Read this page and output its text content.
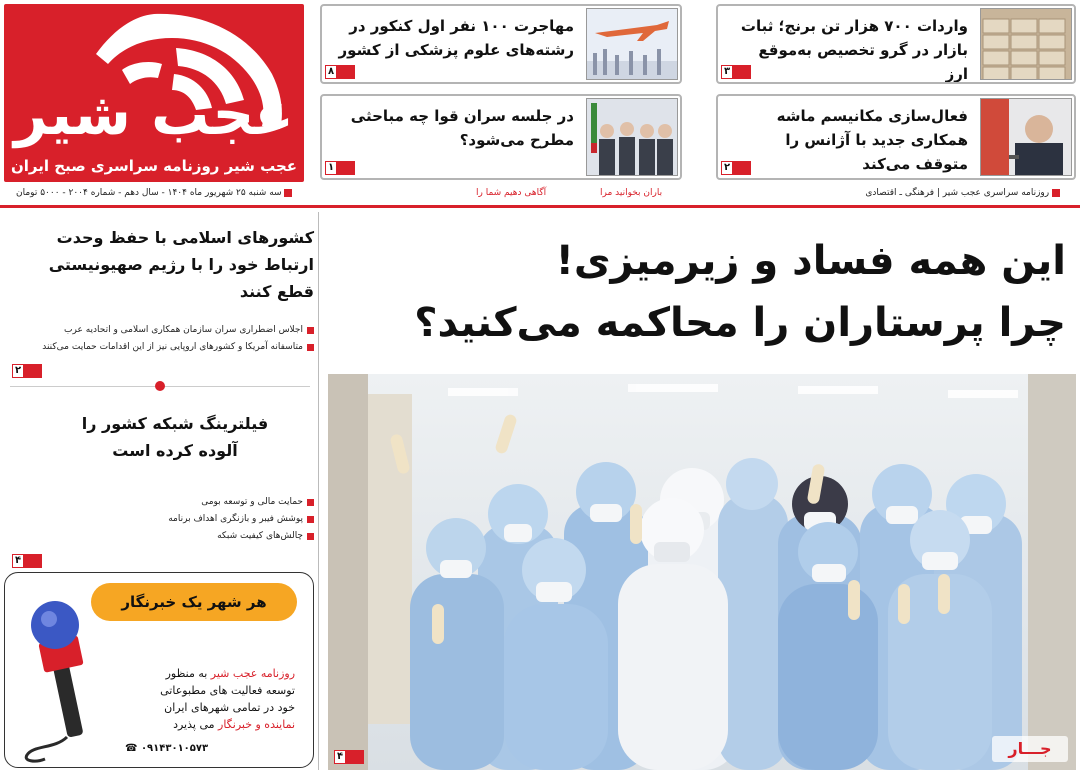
عجب شیر
عجب شیر روزنامه سراسری صبح ایران
مهاجرت ۱۰۰ نفر اول کنکور در رشته‌های علوم پزشکی از کشور
۸
واردات ۷۰۰ هزار تن برنج؛ ثبات بازار در گرو تخصیص به‌موقع ارز
۳
در جلسه سران قوا چه مباحثی مطرح می‌شود؟
۱
فعال‌سازی مکانیسم ماشه همکاری جدید با آژانس را متوقف می‌کند
۲
سه شنبه ۲۵ شهریور ماه ۱۴۰۴ - سال دهم - شماره ۲۰۰۴ - ۵۰۰۰ تومان	آگاهی دهیم شما را	باران بخوانید مرا	روزنامه سراسری عجب شیر | فرهنگی ـ اقتصادی
کشورهای اسلامی با حفظ وحدت ارتباط خود را با رژیم صهیونیستی قطع کنند
اجلاس اضطراری سران سازمان همکاری اسلامی و اتحادیه عرب
متاسفانه آمریکا و کشورهای اروپایی نیز از این اقدامات حمایت می‌کنند
۲
فیلترینگ شبکه کشور را آلوده کرده است
حمایت مالی و توسعه بومی
پوشش فیبر و بازنگری اهداف برنامه
چالش‌های کیفیت شبکه
۴
هر شهر یک خبرنگار
روزنامه عجب شیر به منظور
توسعه فعالیت های مطبوعاتی
خود در تمامی شهرهای ایران
نماینده و خبرنگار می پذیرد
☎ ۰۹۱۴۳۰۱۰۵۷۳
این همه فساد و زیرمیزی!
چرا پرستاران را محاکمه می‌کنید؟
۴	جـــار
